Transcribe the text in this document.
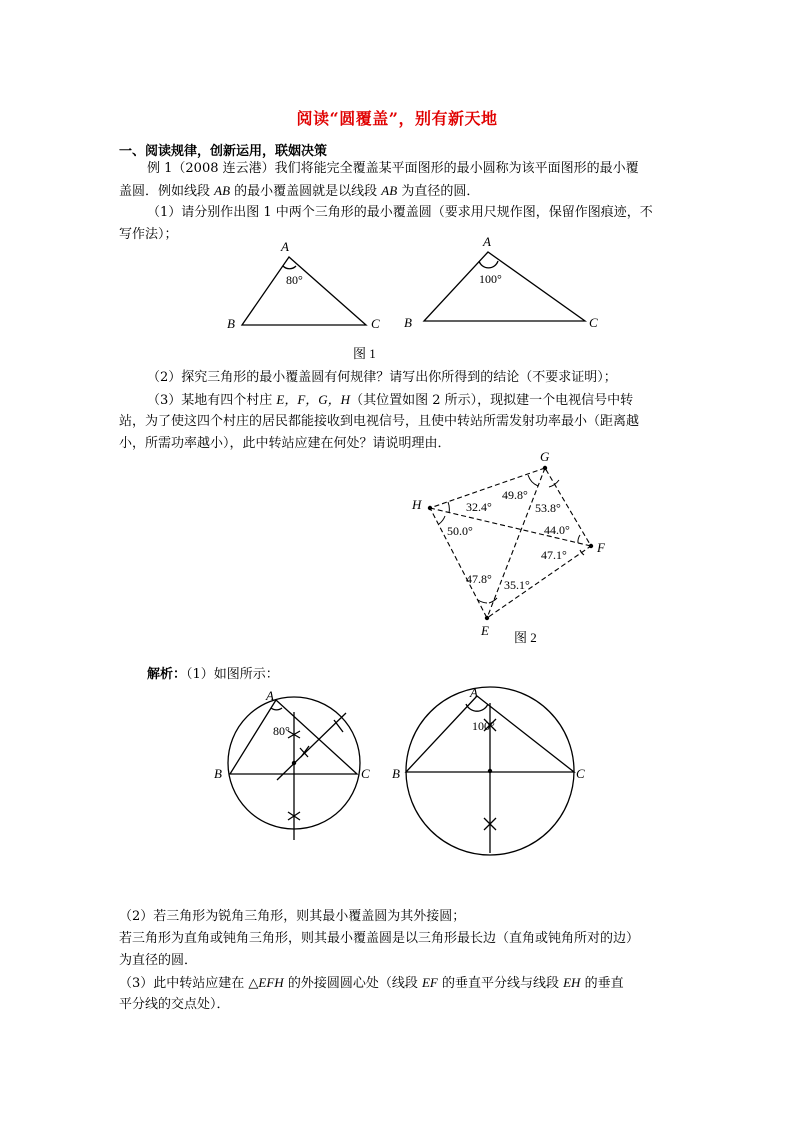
阅读“圆覆盖”，别有新天地
一、阅读规律，创新运用，联姻决策
例 1（2008 连云港）我们将能完全覆盖某平面图形的最小圆称为该平面图形的最小覆
盖圆．例如线段 AB 的最小覆盖圆就是以线段 AB 为直径的圆．
（1）请分别作出图 1 中两个三角形的最小覆盖圆（要求用尺规作图，保留作图痕迹，不
写作法）；
A
B	C
80°
A
B	C
100°
图 1
（2）探究三角形的最小覆盖圆有何规律？请写出你所得到的结论（不要求证明）；
（3）某地有四个村庄 E，F，G，H（其位置如图 2 所示），现拟建一个电视信号中转
站，为了使这四个村庄的居民都能接收到电视信号，且使中转站所需发射功率最小（距离越
小，所需功率越小），此中转站应建在何处？请说明理由．
G
H
F
E
32.4°
49.8°
53.8°
50.0°	44.0°
47.1°
47.8° 35.1°
图 2
解析：（1）如图所示：
A
B	C
80°
A
B	C
100°
（2）若三角形为锐角三角形，则其最小覆盖圆为其外接圆；
若三角形为直角或钝角三角形，则其最小覆盖圆是以三角形最长边（直角或钝角所对的边）
为直径的圆．
（3）此中转站应建在 △EFH 的外接圆圆心处（线段 EF 的垂直平分线与线段 EH 的垂直
平分线的交点处）．
